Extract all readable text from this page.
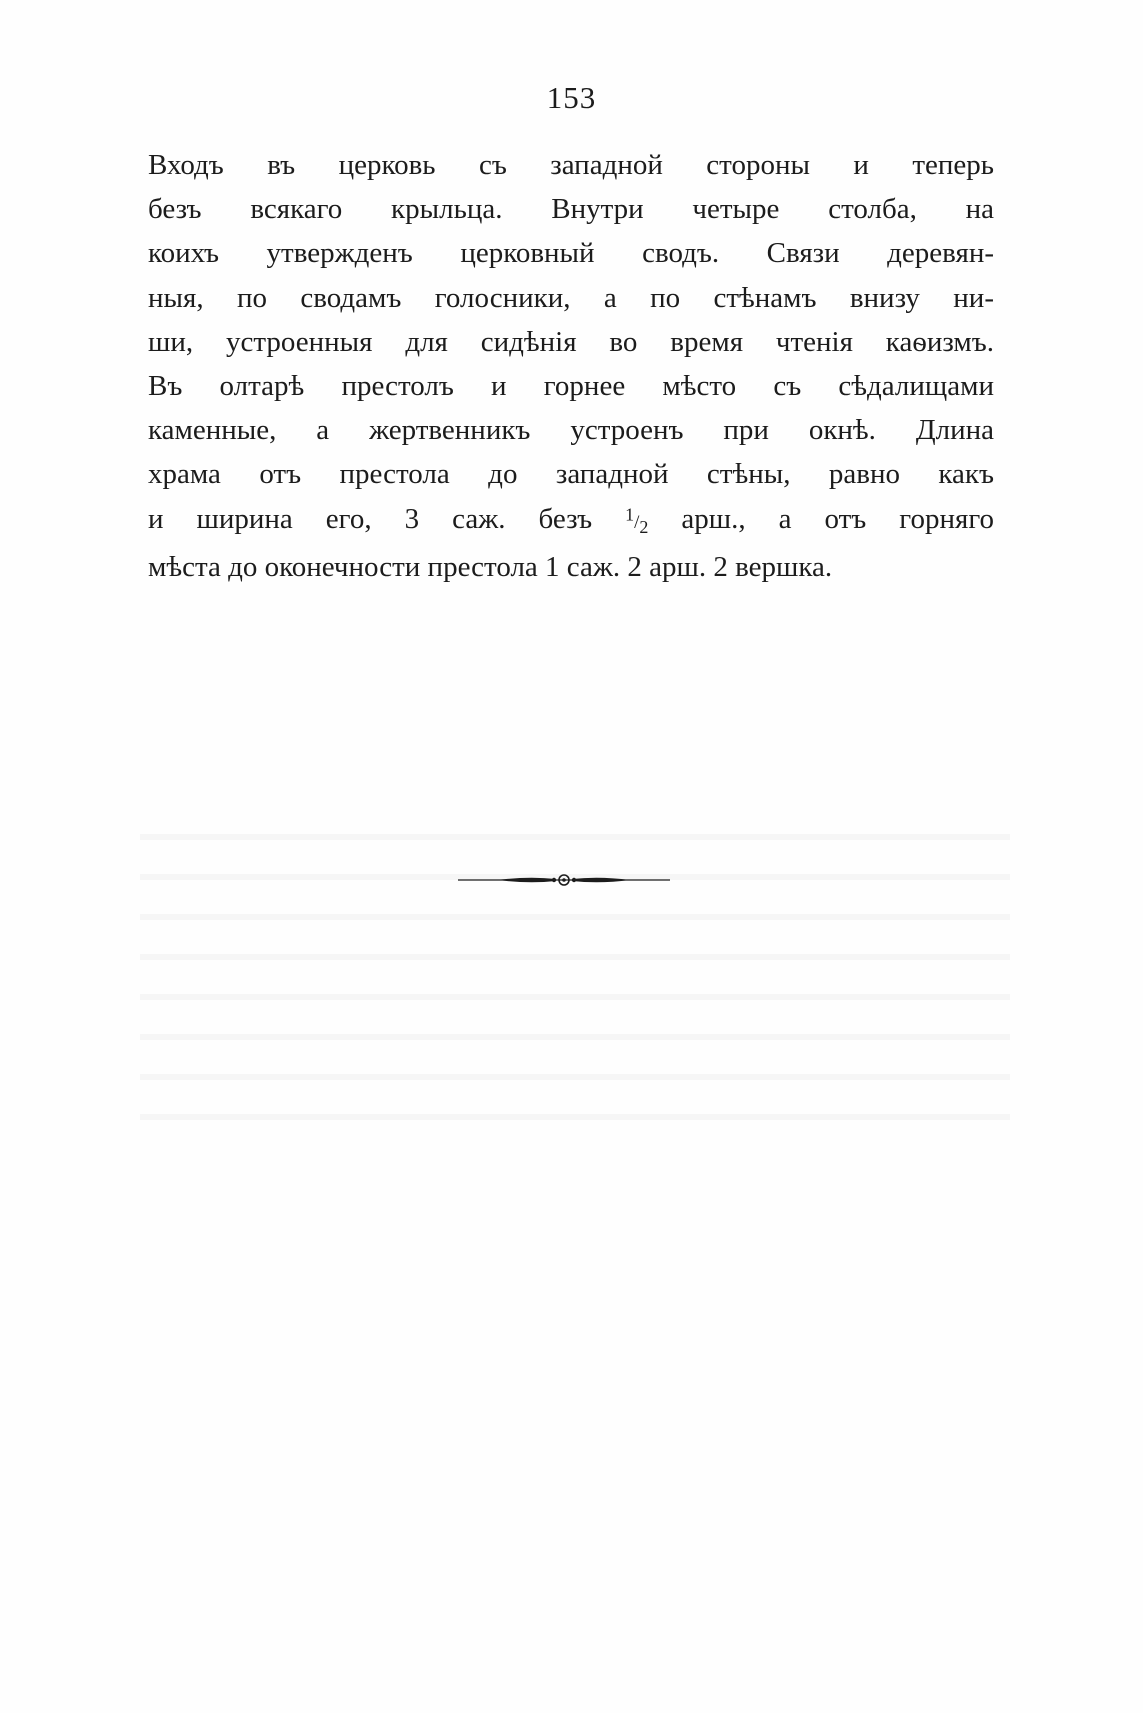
153
Входъ въ церковь съ западной стороны и теперь
безъ всякаго крыльца. Внутри четыре столба, на
коихъ утвержденъ церковный сводъ. Связи деревян-
ныя, по сводамъ голосники, а по стѣнамъ внизу ни-
ши, устроенныя для сидѣнія во время чтенія каѳизмъ.
Въ олтарѣ престолъ и горнее мѣсто съ сѣдалищами
каменные, а жертвенникъ устроенъ при окнѣ. Длина
храма отъ престола до западной стѣны, равно какъ
и ширина его, 3 саж. безъ $^1/_2$ арш., а отъ горняго
мѣста до оконечности престола 1 саж. 2 арш. 2 вершка.
